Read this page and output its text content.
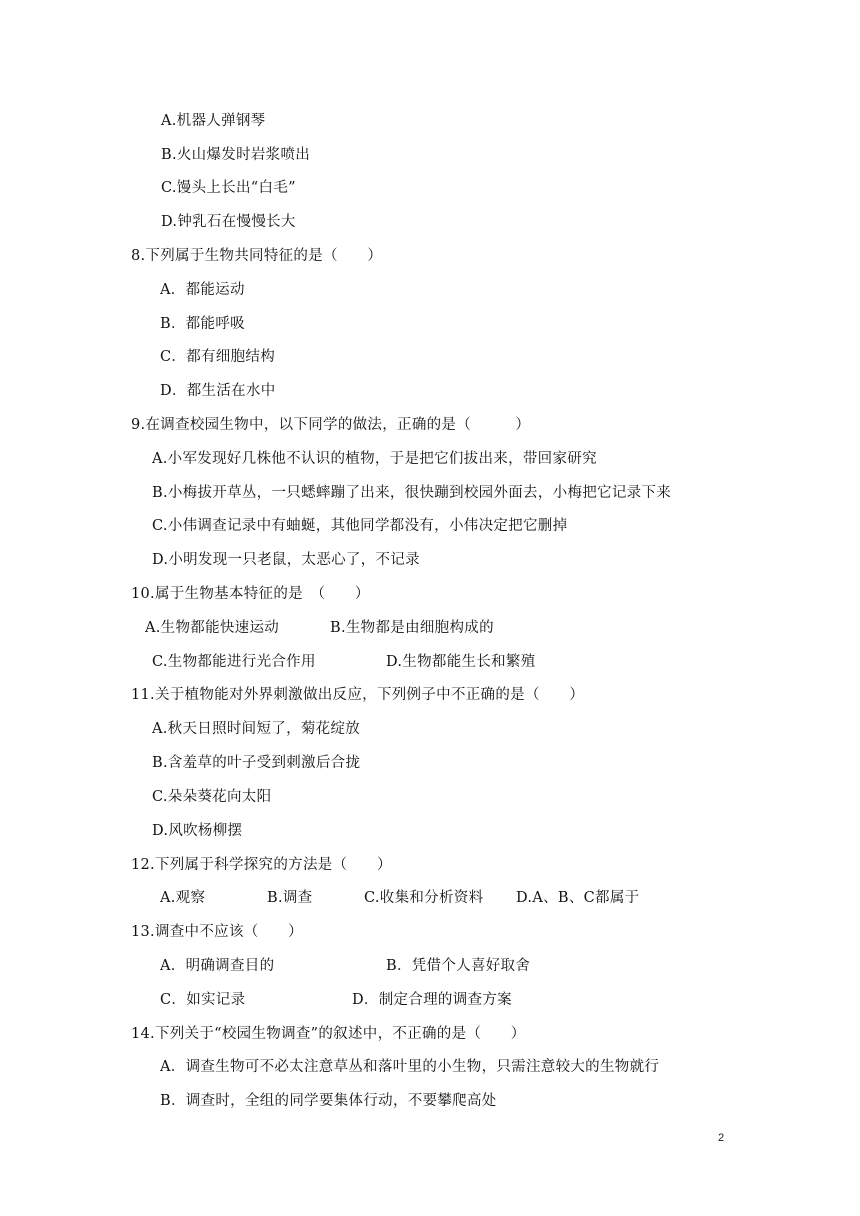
A.机器人弹钢琴
B.火山爆发时岩浆喷出
C.馒头上长出“白毛”
D.钟乳石在慢慢长大
8.下列属于生物共同特征的是（　　）
A．都能运动
B．都能呼吸
C．都有细胞结构
D．都生活在水中
9.在调查校园生物中，以下同学的做法，正确的是（　　　）
A.小军发现好几株他不认识的植物，于是把它们拔出来，带回家研究
B.小梅拔开草丛，一只蟋蟀蹦了出来，很快蹦到校园外面去，小梅把它记录下来
C.小伟调查记录中有蚰蜒，其他同学都没有，小伟决定把它删掉
D.小明发现一只老鼠，太恶心了，不记录
10.属于生物基本特征的是　（　　）
A.生物都能快速运动	B.生物都是由细胞构成的
C.生物都能进行光合作用	D.生物都能生长和繁殖
11.关于植物能对外界刺激做出反应，下列例子中不正确的是（　　）
A.秋天日照时间短了，菊花绽放
B.含羞草的叶子受到刺激后合拢
C.朵朵葵花向太阳
D.风吹杨柳摆
12.下列属于科学探究的方法是（　　）
A.观察	B.调查	C.收集和分析资料 D.A、B、C都属于
13.调查中不应该（　　）
A．明确调查目的	B．凭借个人喜好取舍
C．如实记录	D．制定合理的调查方案
14.下列关于“校园生物调查”的叙述中，不正确的是（　　）
A．调查生物可不必太注意草丛和落叶里的小生物，只需注意较大的生物就行
B．调查时，全组的同学要集体行动，不要攀爬高处
2
